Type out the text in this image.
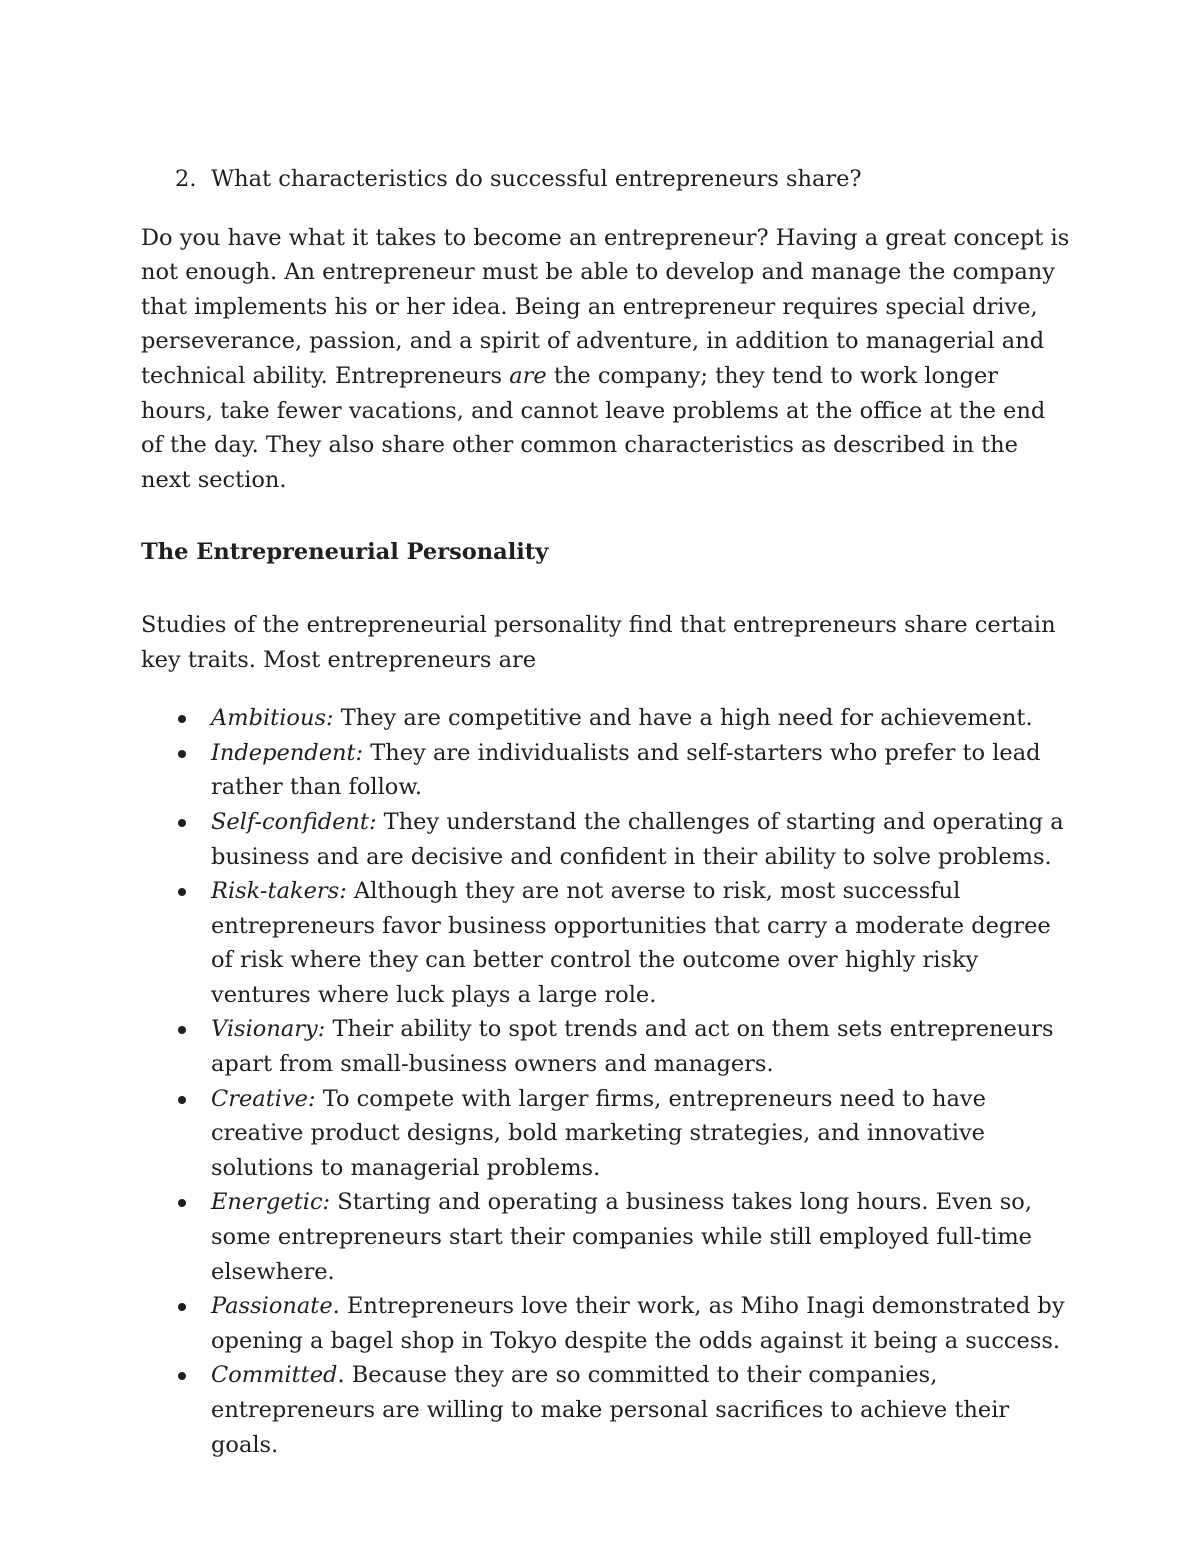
2. What characteristics do successful entrepreneurs share?

Do you have what it takes to become an entrepreneur? Having a great concept is not enough. An entrepreneur must be able to develop and manage the company that implements his or her idea. Being an entrepreneur requires special drive, perseverance, passion, and a spirit of adventure, in addition to managerial and technical ability. Entrepreneurs are the company; they tend to work longer hours, take fewer vacations, and cannot leave problems at the office at the end of the day. They also share other common characteristics as described in the next section.

The Entrepreneurial Personality

Studies of the entrepreneurial personality find that entrepreneurs share certain key traits. Most entrepreneurs are

Ambitious: They are competitive and have a high need for achievement.
Independent: They are individualists and self-starters who prefer to lead rather than follow.
Self-confident: They understand the challenges of starting and operating a business and are decisive and confident in their ability to solve problems.
Risk-takers: Although they are not averse to risk, most successful entrepreneurs favor business opportunities that carry a moderate degree of risk where they can better control the outcome over highly risky ventures where luck plays a large role.
Visionary: Their ability to spot trends and act on them sets entrepreneurs apart from small-business owners and managers.
Creative: To compete with larger firms, entrepreneurs need to have creative product designs, bold marketing strategies, and innovative solutions to managerial problems.
Energetic: Starting and operating a business takes long hours. Even so, some entrepreneurs start their companies while still employed full-time elsewhere.
Passionate. Entrepreneurs love their work, as Miho Inagi demonstrated by opening a bagel shop in Tokyo despite the odds against it being a success.
Committed. Because they are so committed to their companies, entrepreneurs are willing to make personal sacrifices to achieve their goals.
